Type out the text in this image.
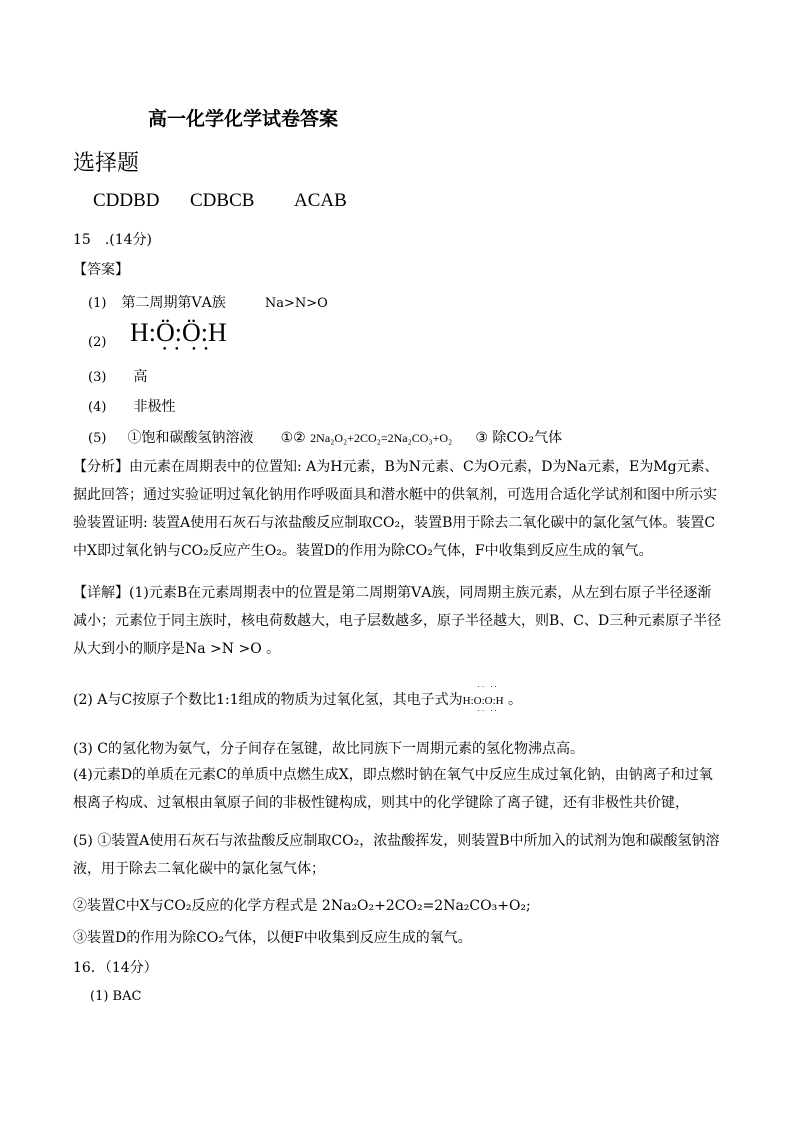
高一化学化学试卷答案
选择题
CDDBD CDBCB ACAB
15　.(14分)
【答案】
(1) 第二周期第ⅤA族	Na>N>O
(2) H:Ö:Ö:H
• •  • •
(3) 高
(4) 非极性
(5) ①饱和碳酸氢钠溶液 ①② 2Na₂O₂+2CO₂=2Na₂CO₃+O₂ ③ 除CO₂气体
【分析】由元素在周期表中的位置知: A为H元素，B为N元素、C为O元素，D为Na元素，E为Mg元素、据此回答；通过实验证明过氧化钠用作呼吸面具和潜水艇中的供氧剂，可选用合适化学试剂和图中所示实验装置证明: 装置A使用石灰石与浓盐酸反应制取CO₂，装置B用于除去二氧化碳中的氯化氢气体。装置C中X即过氧化钠与CO₂反应产生O₂。装置D的作用为除CO₂气体，F中收集到反应生成的氧气。
【详解】(1)元素B在元素周期表中的位置是第二周期第ⅤA族，同周期主族元素，从左到右原子半径逐渐减小；元素位于同主族时，核电荷数越大，电子层数越多，原子半径越大，则B、C、D三种元素原子半径从大到小的顺序是Na >N >O 。
(2) A与C按原子个数比1:1组成的物质为过氧化氢，其电子式为H:O:O:H
·· ··
·· ··
。
(3) C的氢化物为氨气，分子间存在氢键，故比同族下一周期元素的氢化物沸点高。
(4)元素D的单质在元素C的单质中点燃生成X，即点燃时钠在氧气中反应生成过氧化钠，由钠离子和过氧根离子构成、过氧根由氧原子间的非极性键构成，则其中的化学键除了离子键，还有非极性共价键，
(5) ①装置A使用石灰石与浓盐酸反应制取CO₂，浓盐酸挥发，则装置B中所加入的试剂为饱和碳酸氢钠溶液，用于除去二氧化碳中的氯化氢气体；
②装置C中X与CO₂反应的化学方程式是 2Na₂O₂+2CO₂=2Na₂CO₃+O₂;
③装置D的作用为除CO₂气体，以便F中收集到反应生成的氧气。
16．（14分）
(1) BAC
